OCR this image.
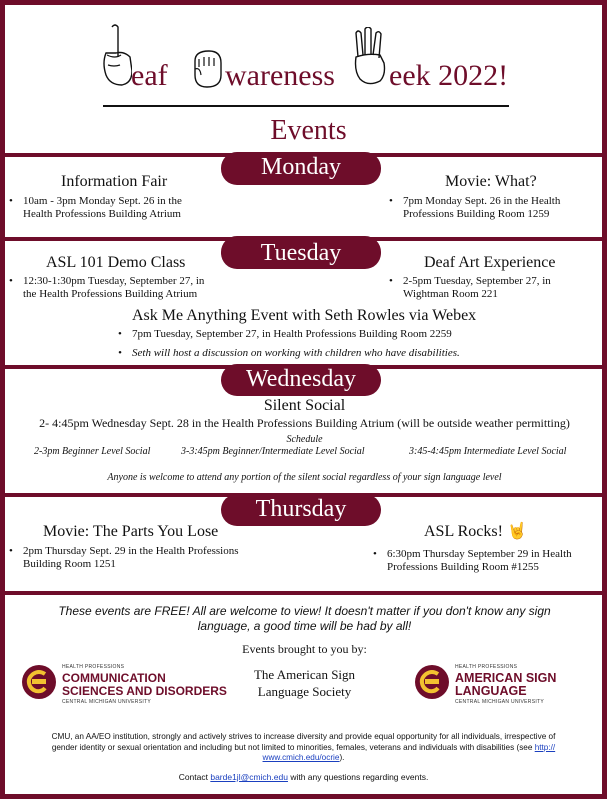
eaf wareness eek 2022!
Events
Information Fair
• 10am - 3pm Monday Sept. 26 in the
Health Professions Building Atrium
Movie: What?
• 7pm Monday Sept. 26 in the Health
Professions Building Room 1259
Monday
ASL 101 Demo Class
• 12:30-1:30pm Tuesday, September 27, in
the Health Professions Building Atrium
Deaf Art Experience
• 2-5pm Tuesday, September 27, in
Wightman Room 221
Ask Me Anything Event with Seth Rowles via Webex
• 7pm Tuesday, September 27, in Health Professions Building Room 2259
• Seth will host a discussion on working with children who have disabilities.
Tuesday
Silent Social
2- 4:45pm Wednesday Sept. 28 in the Health Professions Building Atrium (will be outside weather permitting)
Schedule
2-3pm Beginner Level Social	3-3:45pm Beginner/Intermediate Level Social	3:45-4:45pm Intermediate Level Social
Anyone is welcome to attend any portion of the silent social regardless of your sign language level
Wednesday
Movie: The Parts You Lose
• 2pm Thursday Sept. 29 in the Health Professions
Building Room 1251
ASL Rocks! 🤘
• 6:30pm Thursday September 29 in Health
Professions Building Room #1255
Thursday
These events are FREE! All are welcome to view! It doesn't matter if you don't know any sign
language, a good time will be had by all!
Events brought to you by:
HEALTH PROFESSIONS
COMMUNICATION
SCIENCES AND DISORDERS
CENTRAL MICHIGAN UNIVERSITY
The American Sign
Language Society
HEALTH PROFESSIONS
AMERICAN SIGN
LANGUAGE
CENTRAL MICHIGAN UNIVERSITY
CMU, an AA/EO institution, strongly and actively strives to increase diversity and provide equal opportunity for all individuals, irrespective of
gender identity or sexual orientation and including but not limited to minorities, females, veterans and individuals with disabilities (see http://
www.cmich.edu/ocrie).
Contact barde1jl@cmich.edu with any questions regarding events.
